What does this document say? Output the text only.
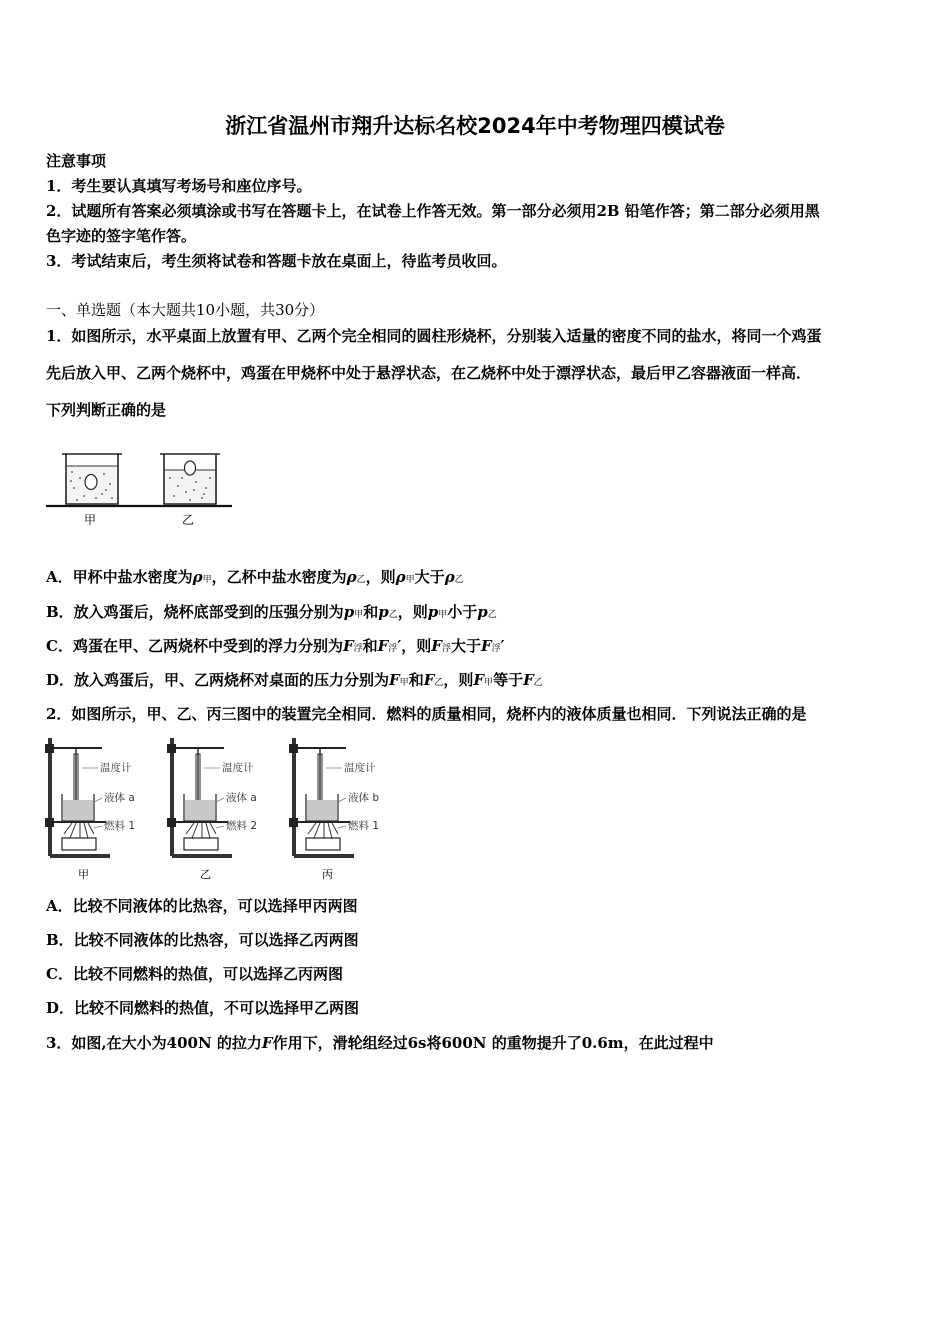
浙江省温州市翔升达标名校2024年中考物理四模试卷
注意事项
1．考生要认真填写考场号和座位序号。
2．试题所有答案必须填涂或书写在答题卡上，在试卷上作答无效。第一部分必须用2B 铅笔作答；第二部分必须用黑
色字迹的签字笔作答。
3．考试结束后，考生须将试卷和答题卡放在桌面上，待监考员收回。
一、单选题（本大题共10小题，共30分）
1．如图所示，水平桌面上放置有甲、乙两个完全相同的圆柱形烧杯，分别装入适量的密度不同的盐水，将同一个鸡蛋
先后放入甲、乙两个烧杯中，鸡蛋在甲烧杯中处于悬浮状态，在乙烧杯中处于漂浮状态，最后甲乙容器液面一样高．
下列判断正确的是
甲	乙
A．甲杯中盐水密度为ρ甲，乙杯中盐水密度为ρ乙，则ρ甲大于ρ乙
B．放入鸡蛋后，烧杯底部受到的压强分别为p甲和p乙，则p甲小于p乙
C．鸡蛋在甲、乙两烧杯中受到的浮力分别为F浮和F浮′，则F浮大于F浮′
D．放入鸡蛋后，甲、乙两烧杯对桌面的压力分别为F甲和F乙，则F甲等于F乙
2．如图所示，甲、乙、丙三图中的装置完全相同．燃料的质量相同，烧杯内的液体质量也相同．下列说法正确的是
温度计
液体 a
燃料 1
甲
温度计
液体 a
燃料 2
乙
温度计
液体 b
燃料 1
丙
A．比较不同液体的比热容，可以选择甲丙两图
B．比较不同液体的比热容，可以选择乙丙两图
C．比较不同燃料的热值，可以选择乙丙两图
D．比较不同燃料的热值，不可以选择甲乙两图
3．如图,在大小为400N 的拉力F作用下，滑轮组经过6s将600N 的重物提升了0.6m，在此过程中
